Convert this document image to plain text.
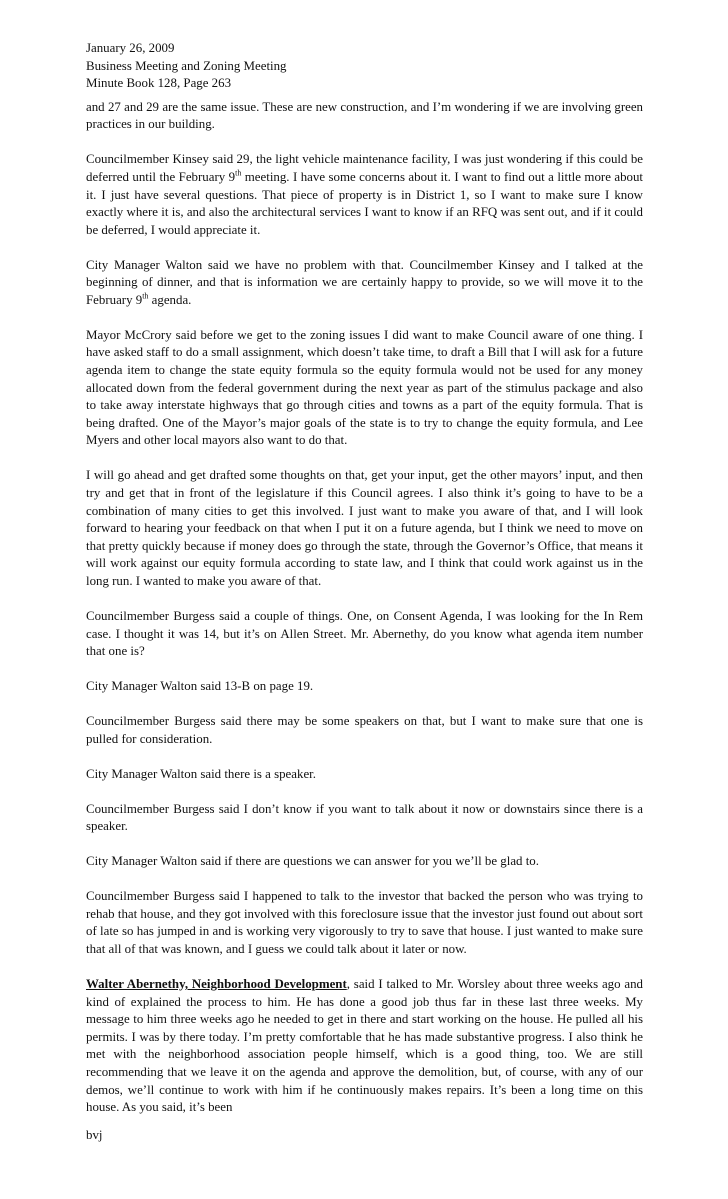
January 26, 2009
Business Meeting and Zoning Meeting
Minute Book 128, Page 263

and 27 and 29 are the same issue. These are new construction, and I’m wondering if we are involving green practices in our building.

Councilmember Kinsey said 29, the light vehicle maintenance facility, I was just wondering if this could be deferred until the February 9th meeting. I have some concerns about it. I want to find out a little more about it. I just have several questions. That piece of property is in District 1, so I want to make sure I know exactly where it is, and also the architectural services I want to know if an RFQ was sent out, and if it could be deferred, I would appreciate it.

City Manager Walton said we have no problem with that. Councilmember Kinsey and I talked at the beginning of dinner, and that is information we are certainly happy to provide, so we will move it to the February 9th agenda.

Mayor McCrory said before we get to the zoning issues I did want to make Council aware of one thing. I have asked staff to do a small assignment, which doesn’t take time, to draft a Bill that I will ask for a future agenda item to change the state equity formula so the equity formula would not be used for any money allocated down from the federal government during the next year as part of the stimulus package and also to take away interstate highways that go through cities and towns as a part of the equity formula. That is being drafted. One of the Mayor’s major goals of the state is to try to change the equity formula, and Lee Myers and other local mayors also want to do that.

I will go ahead and get drafted some thoughts on that, get your input, get the other mayors’ input, and then try and get that in front of the legislature if this Council agrees. I also think it’s going to have to be a combination of many cities to get this involved. I just want to make you aware of that, and I will look forward to hearing your feedback on that when I put it on a future agenda, but I think we need to move on that pretty quickly because if money does go through the state, through the Governor’s Office, that means it will work against our equity formula according to state law, and I think that could work against us in the long run. I wanted to make you aware of that.

Councilmember Burgess said a couple of things. One, on Consent Agenda, I was looking for the In Rem case. I thought it was 14, but it’s on Allen Street. Mr. Abernethy, do you know what agenda item number that one is?

City Manager Walton said 13-B on page 19.

Councilmember Burgess said there may be some speakers on that, but I want to make sure that one is pulled for consideration.

City Manager Walton said there is a speaker.

Councilmember Burgess said I don’t know if you want to talk about it now or downstairs since there is a speaker.

City Manager Walton said if there are questions we can answer for you we’ll be glad to.

Councilmember Burgess said I happened to talk to the investor that backed the person who was trying to rehab that house, and they got involved with this foreclosure issue that the investor just found out about sort of late so has jumped in and is working very vigorously to try to save that house. I just wanted to make sure that all of that was known, and I guess we could talk about it later or now.

Walter Abernethy, Neighborhood Development, said I talked to Mr. Worsley about three weeks ago and kind of explained the process to him. He has done a good job thus far in these last three weeks. My message to him three weeks ago he needed to get in there and start working on the house. He pulled all his permits. I was by there today. I’m pretty comfortable that he has made substantive progress. I also think he met with the neighborhood association people himself, which is a good thing, too. We are still recommending that we leave it on the agenda and approve the demolition, but, of course, with any of our demos, we’ll continue to work with him if he continuously makes repairs. It’s been a long time on this house. As you said, it’s been

bvj
